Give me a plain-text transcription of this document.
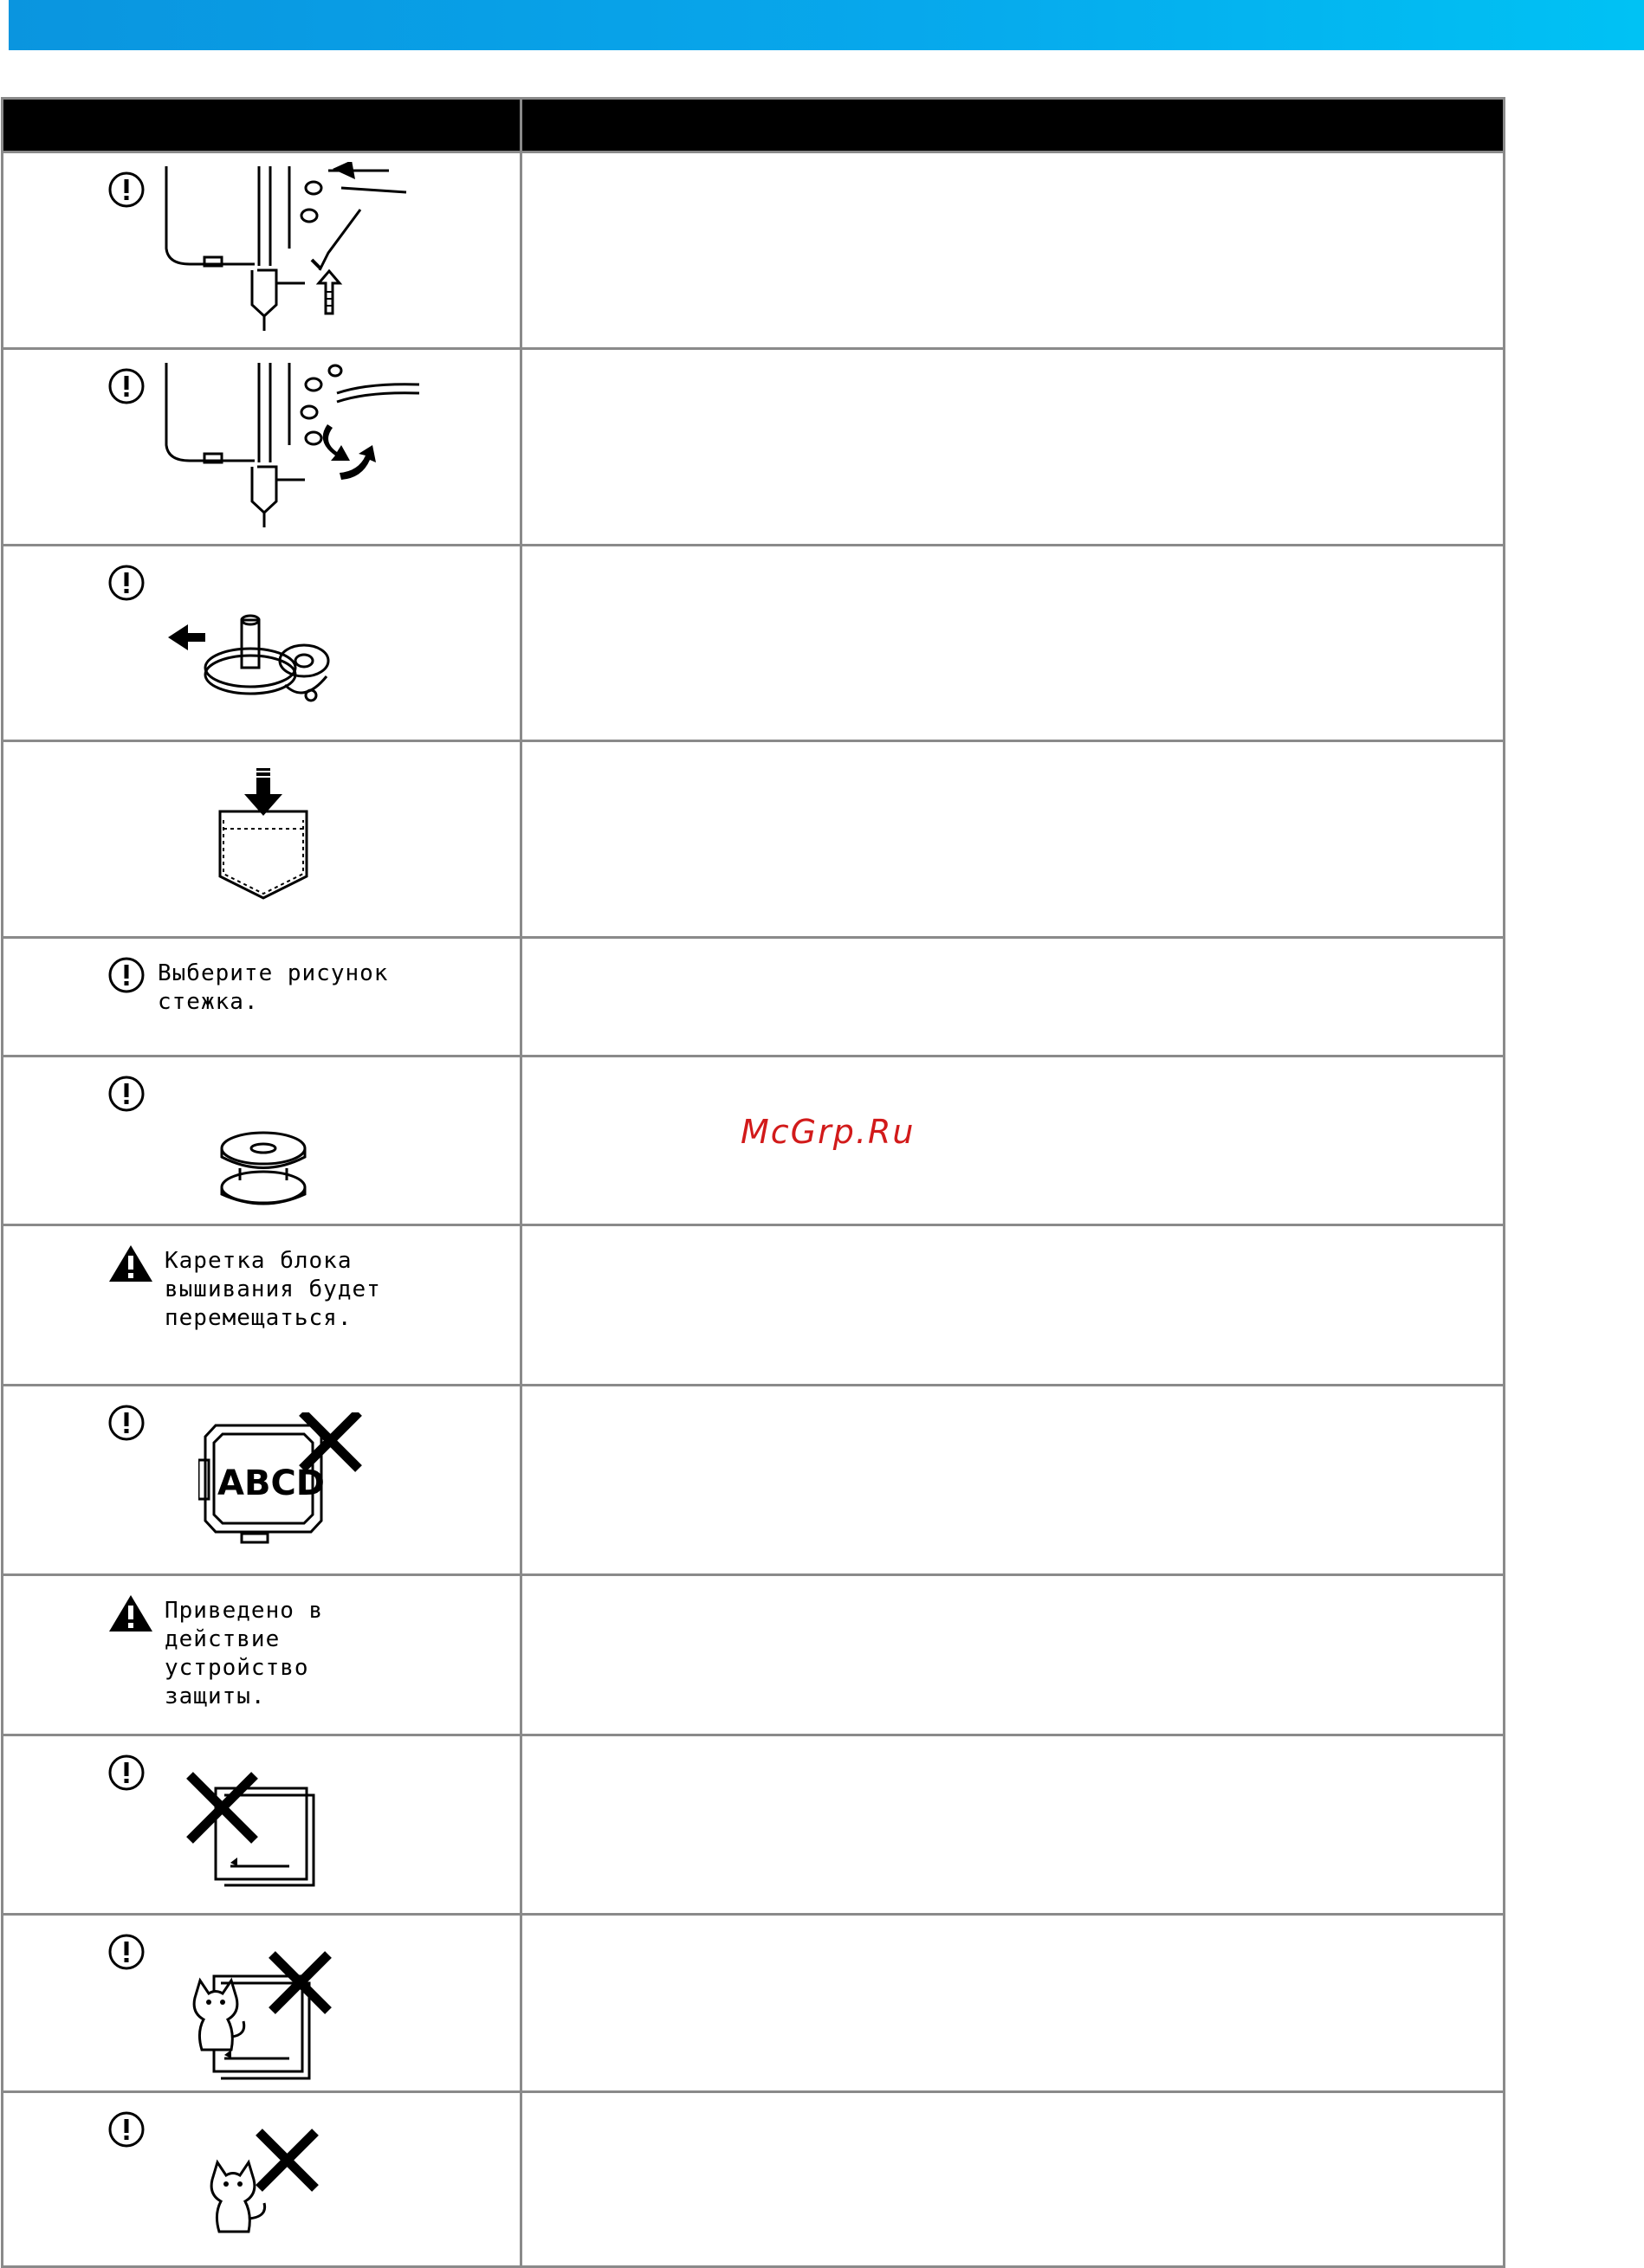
Выберите рисунок
стежка.
Каретка блока
вышивания будет
перемещаться.
ABCD
Приведено в
действие
устройство
защиты.
McGrp.Ru
